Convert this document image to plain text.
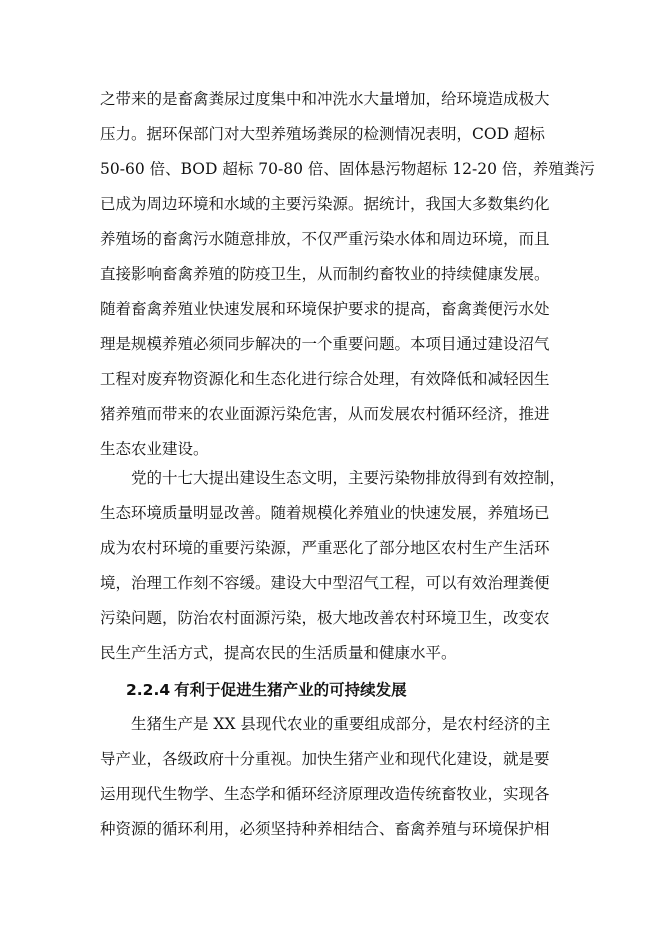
之带来的是畜禽粪尿过度集中和冲洗水大量增加，给环境造成极大
压力。据环保部门对大型养殖场粪尿的检测情况表明，COD 超标
50-60 倍、BOD 超标 70-80 倍、固体悬污物超标 12-20 倍，养殖粪污
已成为周边环境和水域的主要污染源。据统计，我国大多数集约化
养殖场的畜禽污水随意排放，不仅严重污染水体和周边环境，而且
直接影响畜禽养殖的防疫卫生，从而制约畜牧业的持续健康发展。
随着畜禽养殖业快速发展和环境保护要求的提高，畜禽粪便污水处
理是规模养殖必须同步解决的一个重要问题。本项目通过建设沼气
工程对废弃物资源化和生态化进行综合处理，有效降低和减轻因生
猪养殖而带来的农业面源污染危害，从而发展农村循环经济，推进
生态农业建设。
　　党的十七大提出建设生态文明，主要污染物排放得到有效控制，
生态环境质量明显改善。随着规模化养殖业的快速发展，养殖场已
成为农村环境的重要污染源，严重恶化了部分地区农村生产生活环
境，治理工作刻不容缓。建设大中型沼气工程，可以有效治理粪便
污染问题，防治农村面源污染，极大地改善农村环境卫生，改变农
民生产生活方式，提高农民的生活质量和健康水平。
2.2.4 有利于促进生猪产业的可持续发展
　　生猪生产是 XX 县现代农业的重要组成部分，是农村经济的主
导产业，各级政府十分重视。加快生猪产业和现代化建设，就是要
运用现代生物学、生态学和循环经济原理改造传统畜牧业，实现各
种资源的循环利用，必须坚持种养相结合、畜禽养殖与环境保护相
